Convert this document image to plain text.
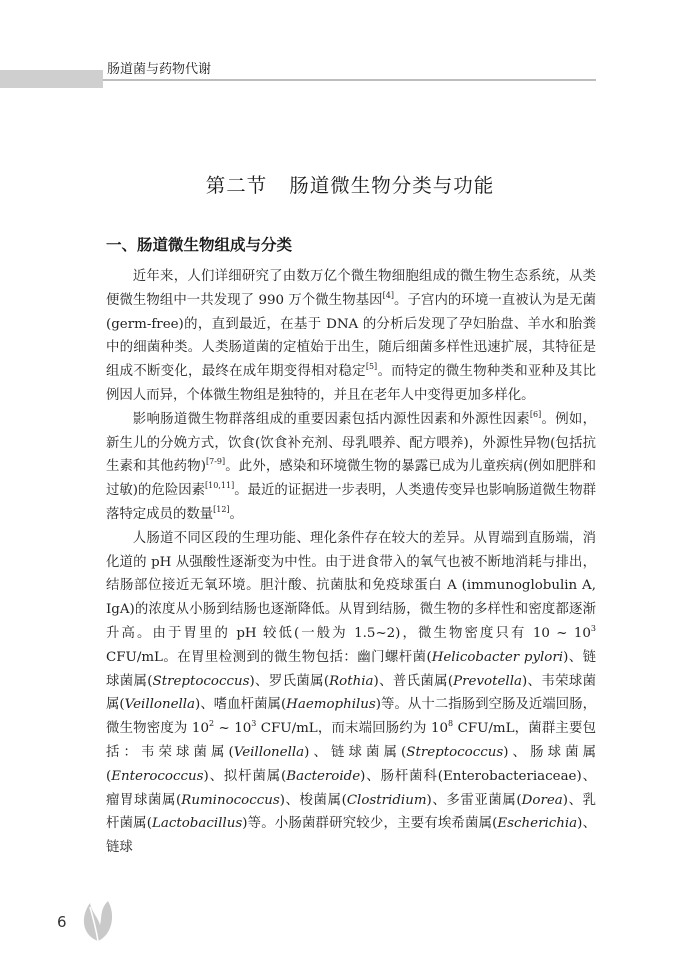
肠道菌与药物代谢
第二节 肠道微生物分类与功能
一、肠道微生物组成与分类

近年来，人们详细研究了由数万亿个微生物细胞组成的微生物生态系统，从类便微生物组中一共发现了 990 万个微生物基因[4]。子宫内的环境一直被认为是无菌(germ-free)的，直到最近，在基于 DNA 的分析后发现了孕妇胎盘、羊水和胎粪中的细菌种类。人类肠道菌的定植始于出生，随后细菌多样性迅速扩展，其特征是组成不断变化，最终在成年期变得相对稳定[5]。而特定的微生物种类和亚种及其比例因人而异，个体微生物组是独特的，并且在老年人中变得更加多样化。

影响肠道微生物群落组成的重要因素包括内源性因素和外源性因素[6]。例如，新生儿的分娩方式，饮食(饮食补充剂、母乳喂养、配方喂养)，外源性异物(包括抗生素和其他药物)[7-9]。此外，感染和环境微生物的暴露已成为儿童疾病(例如肥胖和过敏)的危险因素[10,11]。最近的证据进一步表明，人类遗传变异也影响肠道微生物群落特定成员的数量[12]。

人肠道不同区段的生理功能、理化条件存在较大的差异。从胃端到直肠端，消化道的 pH 从强酸性逐渐变为中性。由于进食带入的氧气也被不断地消耗与排出，结肠部位接近无氧环境。胆汁酸、抗菌肽和免疫球蛋白 A (immunoglobulin A, IgA)的浓度从小肠到结肠也逐渐降低。从胃到结肠，微生物的多样性和密度都逐渐升高。由于胃里的 pH 较低(一般为 1.5~2)，微生物密度只有 10 ~ $10^3$ CFU/mL。在胃里检测到的微生物包括：幽门螺杆菌(Helicobacter pylori)、链球菌属(Streptococcus)、罗氏菌属(Rothia)、普氏菌属(Prevotella)、韦荣球菌属(Veillonella)、嗜血杆菌属(Haemophilus)等。从十二指肠到空肠及近端回肠，微生物密度为 $10^2$ ~ $10^3$ CFU/mL，而末端回肠约为 $10^8$ CFU/mL，菌群主要包括：韦荣球菌属(Veillonella)、链球菌属(Streptococcus)、肠球菌属(Enterococcus)、拟杆菌属(Bacteroide)、肠杆菌科(Enterobacteriaceae)、瘤胃球菌属(Ruminococcus)、梭菌属(Clostridium)、多雷亚菌属(Dorea)、乳杆菌属(Lactobacillus)等。小肠菌群研究较少，主要有埃希菌属(Escherichia)、链球

6
